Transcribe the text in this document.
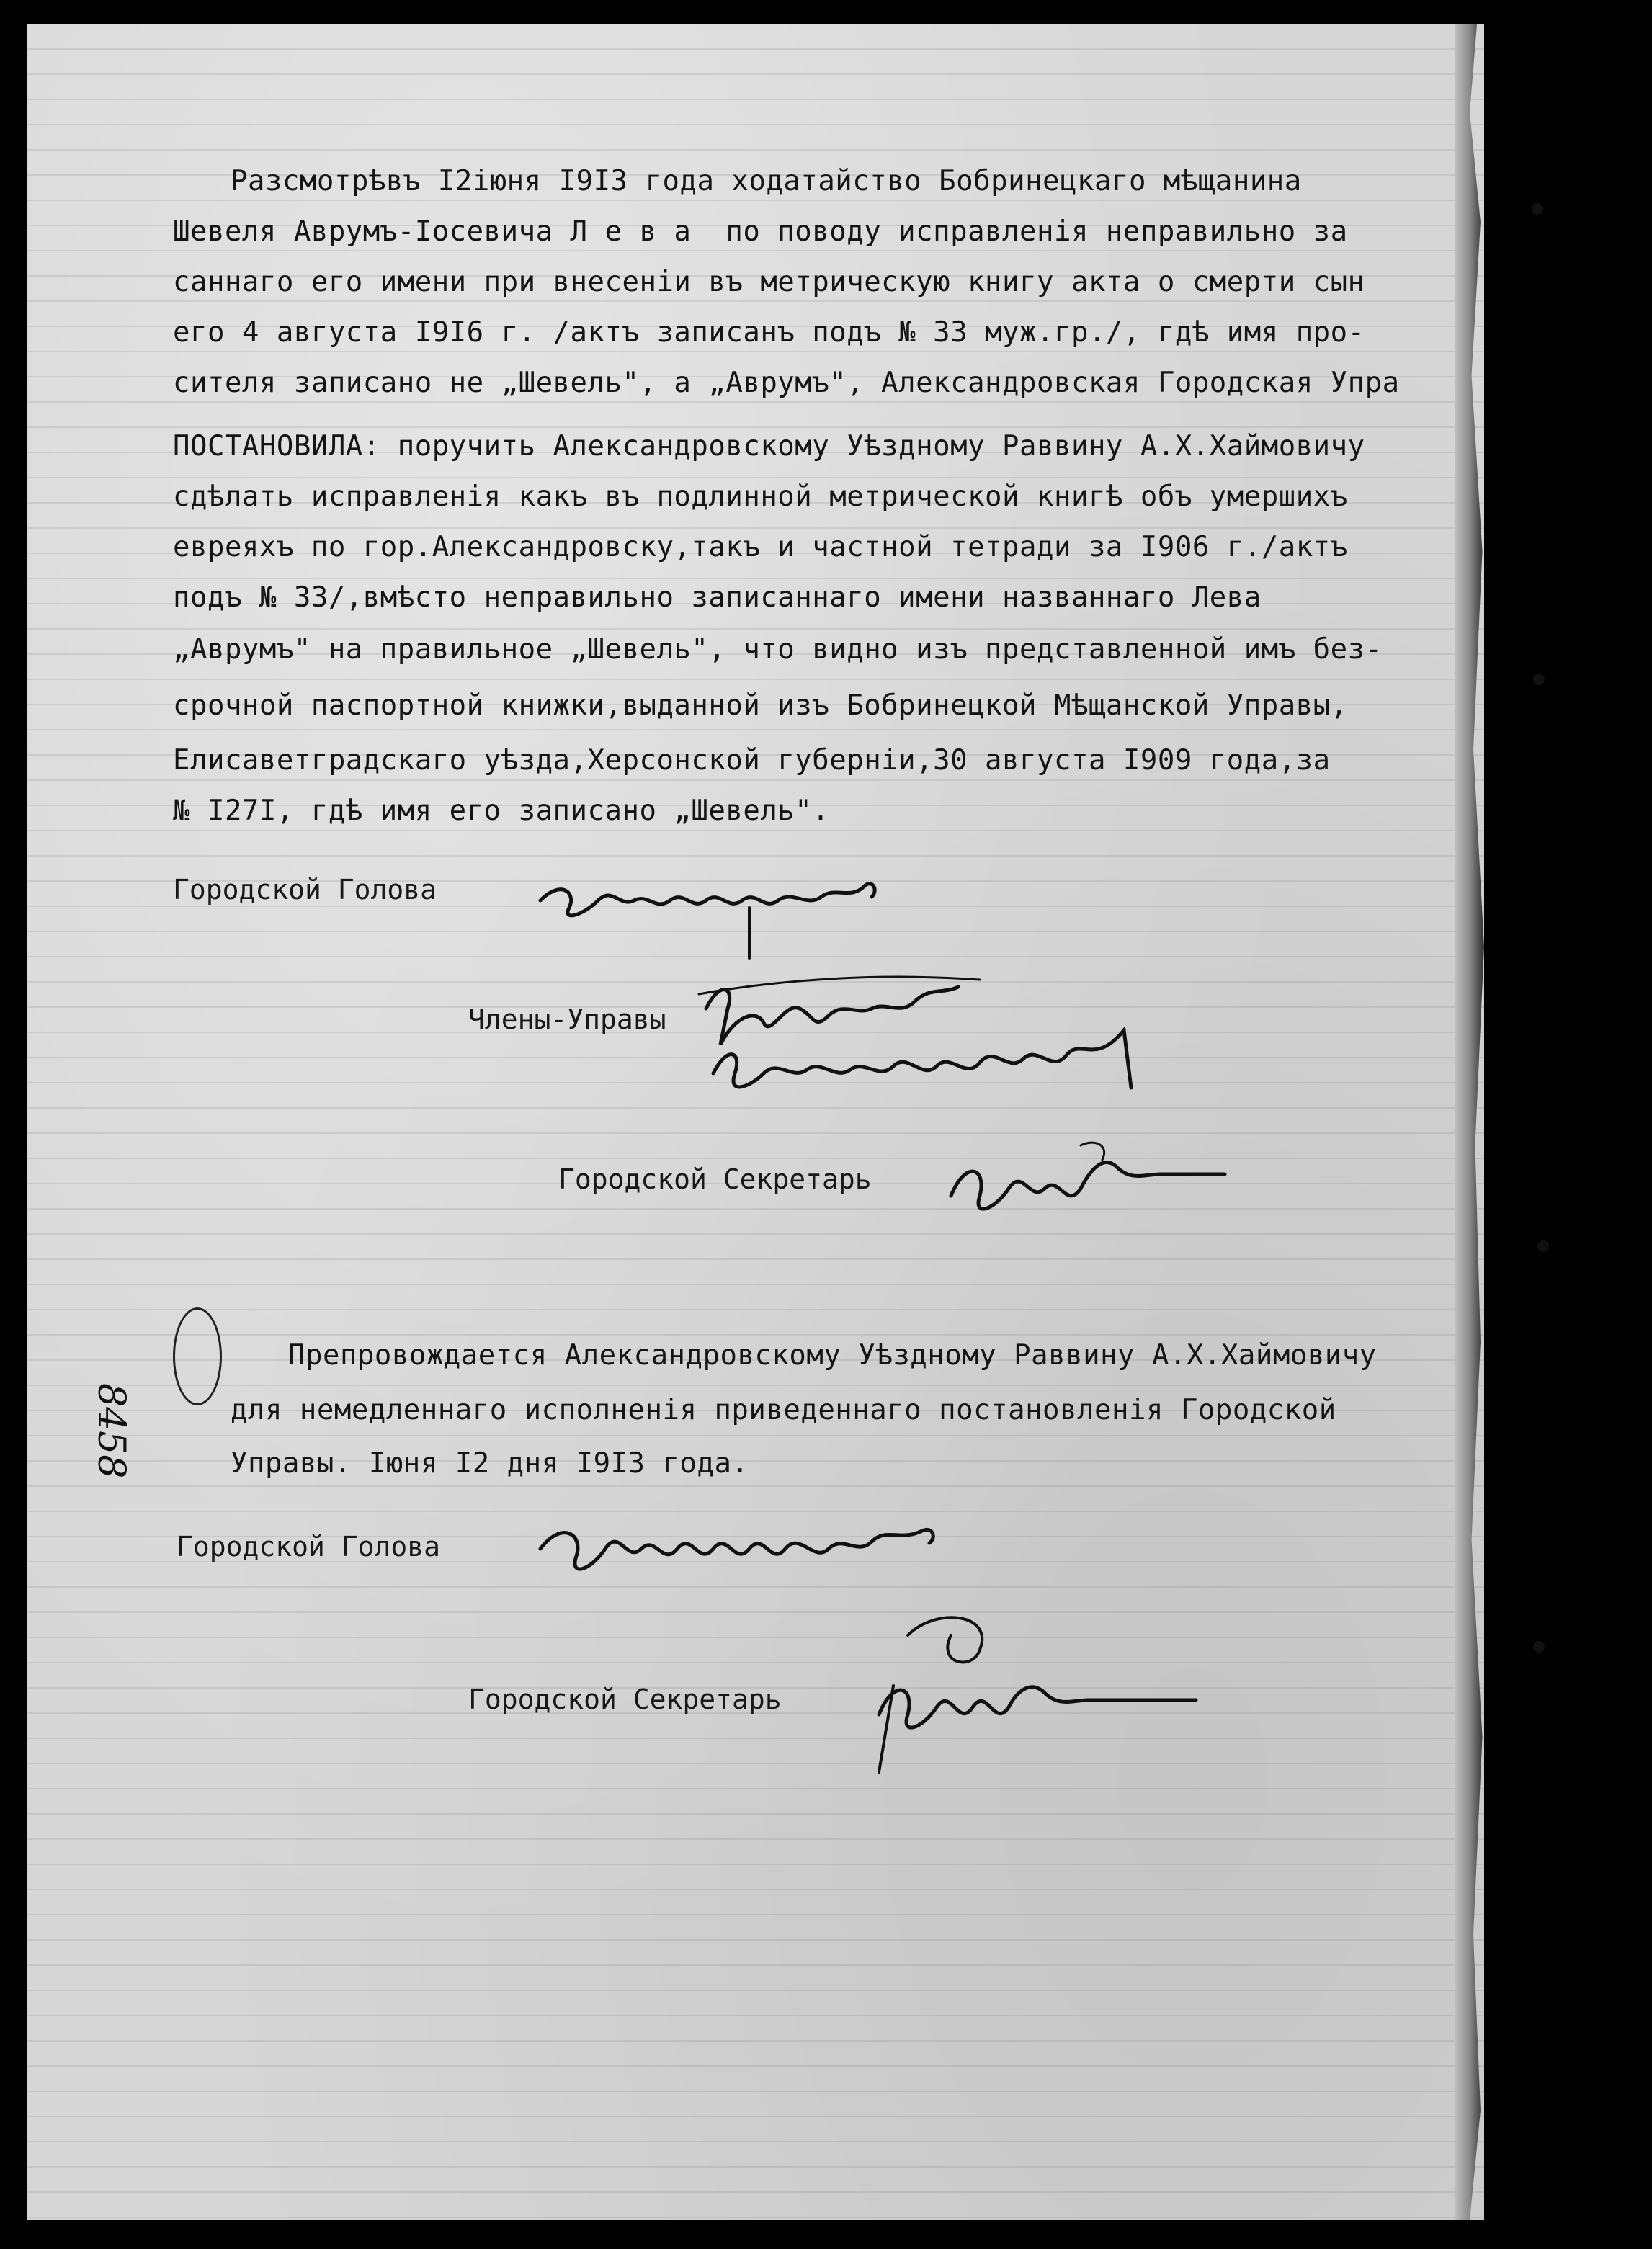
Разсмотрѣвъ I2іюня I9I3 года ходатайство Бобринецкаго мѣщанина
Шевеля Аврумъ-Іосевича Л е в а  по поводу исправленія неправильно за
саннаго его имени при внесеніи въ метрическую книгу акта о смерти сын
его 4 августа I9I6 г. /актъ записанъ подъ № 33 муж.гр./, гдѣ имя про-
сителя записано не „Шевель", а „Аврумъ", Александровская Городская Упра
ПОСТАНОВИЛА: поручить Александровскому Уѣздному Раввину А.Х.Хаймовичу
сдѣлать исправленія какъ въ подлинной метрической книгѣ объ умершихъ
евреяхъ по гор.Александровску,такъ и частной тетради за I906 г./актъ
подъ № 33/,вмѣсто неправильно записаннаго имени названнаго Лева
„Аврумъ" на правильное „Шевель", что видно изъ представленной имъ без-
срочной паспортной книжки,выданной изъ Бобринецкой Мѣщанской Управы,
Елисаветградскаго уѣзда,Херсонской губерніи,30 августа I909 года,за
№ I27I, гдѣ имя его записано „Шевель".
Городской Голова
Члены-Управы
Городской Секретарь
8458
Препровождается Александровскому Уѣздному Раввину А.Х.Хаймовичу
для немедленнаго исполненія приведеннаго постановленія Городской
Управы. Іюня I2 дня I9I3 года.
Городской Голова
Городской Секретарь
